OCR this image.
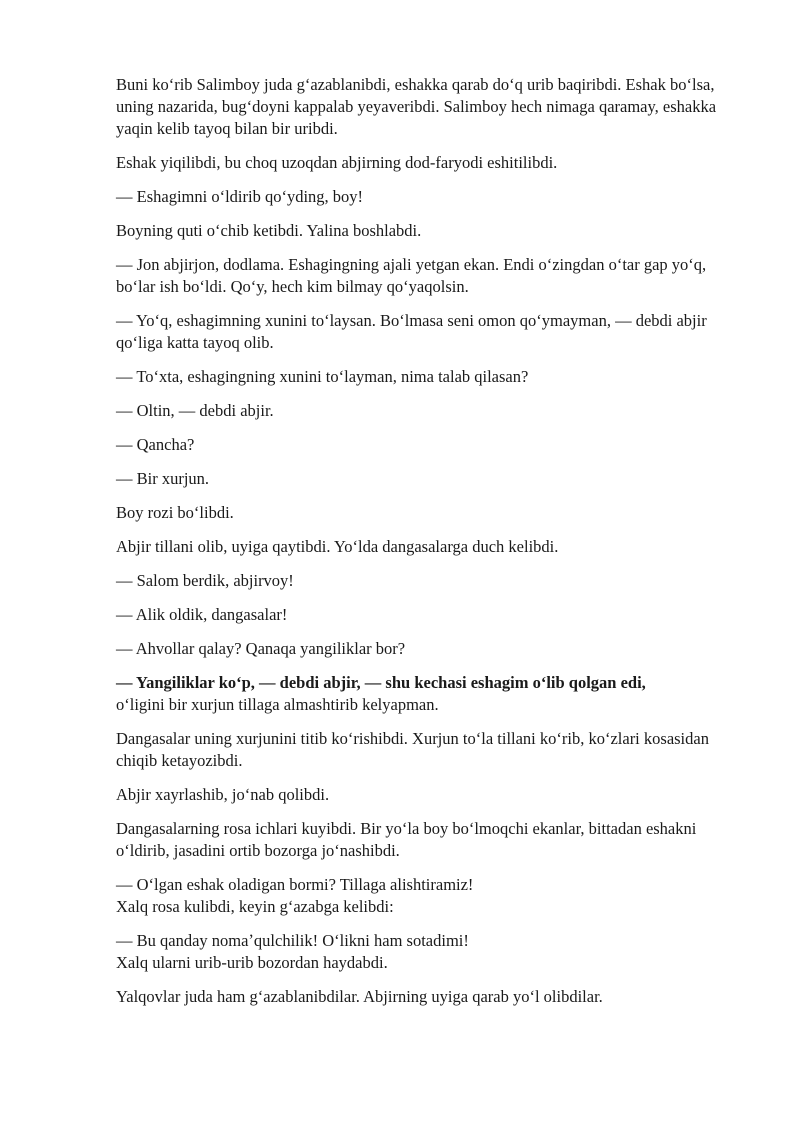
Buni koʻrib Salimboy juda gʻazablanibdi, eshakka qarab doʻq urib baqiribdi. Eshak boʻlsa, uning nazarida, bugʻdoyni kappalab yeyaveribdi. Salimboy hech nimaga qaramay, eshakka yaqin kelib tayoq bilan bir uribdi.

Eshak yiqilibdi, bu choq uzoqdan abjirning dod-faryodi eshitilibdi.

— Eshagimni oʻldirib qoʻyding, boy!

Boyning quti oʻchib ketibdi. Yalina boshlabdi.

— Jon abjirjon, dodlama. Eshagingning ajali yetgan ekan. Endi oʻzingdan oʻtar gap yoʻq, boʻlar ish boʻldi. Qoʻy, hech kim bilmay qoʻyaqolsin.

— Yoʻq, eshagimning xunini toʻlaysan. Boʻlmasa seni omon qoʻymayman, — debdi abjir qoʻliga katta tayoq olib.

— Toʻxta, eshagingning xunini toʻlayman, nima talab qilasan?

— Oltin, — debdi abjir.

— Qancha?

— Bir xurjun.

Boy rozi boʻlibdi.

Abjir tillani olib, uyiga qaytibdi. Yoʻlda dangasalarga duch kelibdi.

— Salom berdik, abjirvoy!

— Alik oldik, dangasalar!

— Ahvollar qalay? Qanaqa yangiliklar bor?

— Yangiliklar koʻp, — debdi abjir, — shu kechasi eshagim oʻlib qolgan edi,
oʻligini bir xurjun tillaga almashtirib kelyapman.

Dangasalar uning xurjunini titib koʻrishibdi. Xurjun toʻla tillani koʻrib, koʻzlari kosasidan chiqib ketayozibdi.

Abjir xayrlashib, joʻnab qolibdi.

Dangasalarning rosa ichlari kuyibdi. Bir yoʻla boy boʻlmoqchi ekanlar, bittadan eshakni oʻldirib, jasadini ortib bozorga joʻnashibdi.

— Oʻlgan eshak oladigan bormi? Tillaga alishtiramiz!
Xalq rosa kulibdi, keyin gʻazabga kelibdi:

— Bu qanday nomaʼqulchilik! Oʻlikni ham sotadimi!
Xalq ularni urib-urib bozordan haydabdi.

Yalqovlar juda ham gʻazablanibdilar. Abjirning uyiga qarab yoʻl olibdilar.
